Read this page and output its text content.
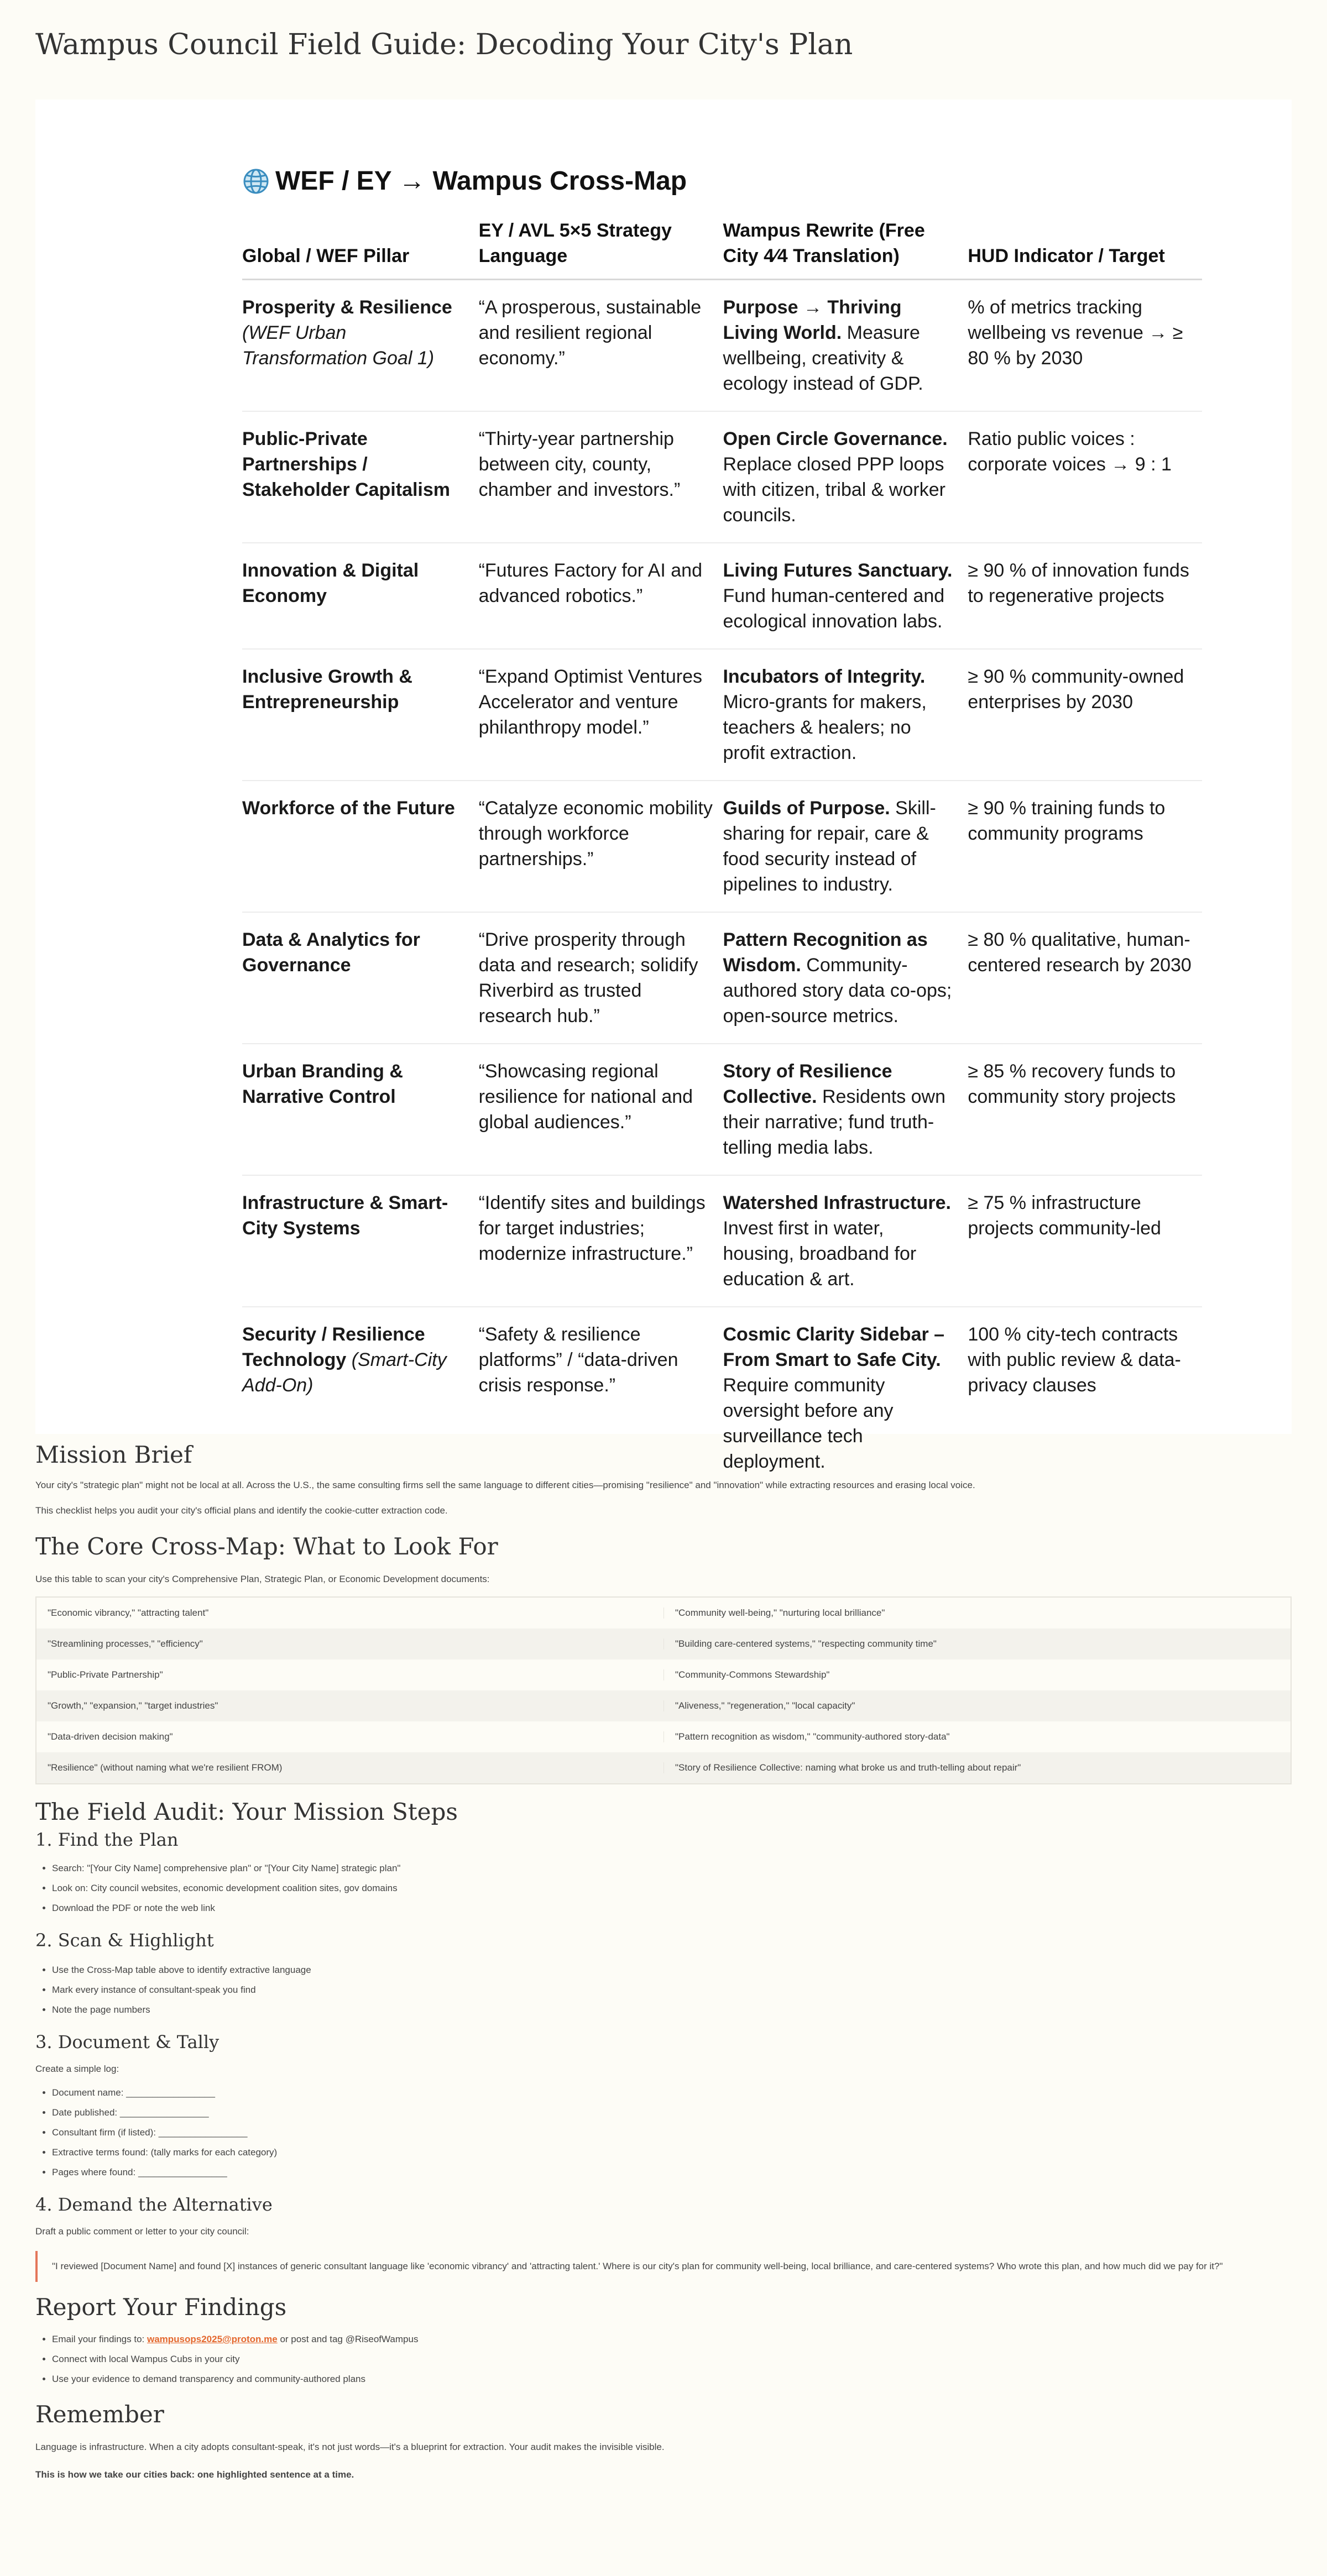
Wampus Council Field Guide: Decoding Your City's Plan
WEF / EY → Wampus Cross-Map
Global / WEF Pillar	EY / AVL 5×5 Strategy Language	Wampus Rewrite (Free City 4⁄4 Translation)	HUD Indicator / Target
Prosperity & Resilience (WEF Urban Transformation Goal 1)	“A prosperous, sustainable and resilient regional economy.”	Purpose → Thriving Living World. Measure wellbeing, creativity & ecology instead of GDP.	% of metrics tracking wellbeing vs revenue → ≥ 80 % by 2030
Public-Private Partnerships / Stakeholder Capitalism	“Thirty-year partnership between city, county, chamber and investors.”	Open Circle Governance. Replace closed PPP loops with citizen, tribal & worker councils.	Ratio public voices : corporate voices → 9 : 1
Innovation & Digital Economy	“Futures Factory for AI and advanced robotics.”	Living Futures Sanctuary. Fund human-centered and ecological innovation labs.	≥ 90 % of innovation funds to regenerative projects
Inclusive Growth & Entrepreneurship	“Expand Optimist Ventures Accelerator and venture philanthropy model.”	Incubators of Integrity. Micro-grants for makers, teachers & healers; no profit extraction.	≥ 90 % community-owned enterprises by 2030
Workforce of the Future	“Catalyze economic mobility through workforce partnerships.”	Guilds of Purpose. Skill-sharing for repair, care & food security instead of pipelines to industry.	≥ 90 % training funds to community programs
Data & Analytics for Governance	“Drive prosperity through data and research; solidify Riverbird as trusted research hub.”	Pattern Recognition as Wisdom. Community-authored story data co-ops; open-source metrics.	≥ 80 % qualitative, human-centered research by 2030
Urban Branding & Narrative Control	“Showcasing regional resilience for national and global audiences.”	Story of Resilience Collective. Residents own their narrative; fund truth-telling media labs.	≥ 85 % recovery funds to community story projects
Infrastructure & Smart-City Systems	“Identify sites and buildings for target industries; modernize infrastructure.”	Watershed Infrastructure. Invest first in water, housing, broadband for education & art.	≥ 75 % infrastructure projects community-led
Security / Resilience Technology (Smart-City Add-On)	“Safety & resilience platforms” / “data-driven crisis response.”	Cosmic Clarity Sidebar – From Smart to Safe City. Require community oversight before any surveillance tech deployment.	100 % city-tech contracts with public review & data-privacy clauses
Mission Brief

Your city's "strategic plan" might not be local at all. Across the U.S., the same consulting firms sell the same language to different cities—promising "resilience" and "innovation" while extracting resources and erasing local voice.

This checklist helps you audit your city's official plans and identify the cookie-cutter extraction code.

The Core Cross-Map: What to Look For

Use this table to scan your city's Comprehensive Plan, Strategic Plan, or Economic Development documents:

"Economic vibrancy," "attracting talent"	"Community well-being," "nurturing local brilliance"
"Streamlining processes," "efficiency"	"Building care-centered systems," "respecting community time"
"Public-Private Partnership"	"Community-Commons Stewardship"
"Growth," "expansion," "target industries"	"Aliveness," "regeneration," "local capacity"
"Data-driven decision making"	"Pattern recognition as wisdom," "community-authored story-data"
"Resilience" (without naming what we're resilient FROM)	"Story of Resilience Collective: naming what broke us and truth-telling about repair"
The Field Audit: Your Mission Steps
1. Find the Plan
• Search: "[Your City Name] comprehensive plan" or "[Your City Name] strategic plan"
• Look on: City council websites, economic development coalition sites, gov domains
• Download the PDF or note the web link
2. Scan & Highlight
• Use the Cross-Map table above to identify extractive language
• Mark every instance of consultant-speak you find
• Note the page numbers
3. Document & Tally

Create a simple log:

• Document name: _________________
• Date published: _________________
• Consultant firm (if listed): _________________
• Extractive terms found: (tally marks for each category)
• Pages where found: _________________
4. Demand the Alternative

Draft a public comment or letter to your city council:

"I reviewed [Document Name] and found [X] instances of generic consultant language like 'economic vibrancy' and 'attracting talent.' Where is our city's plan for community well-being, local brilliance, and care-centered systems? Who wrote this plan, and how much did we pay for it?"
Report Your Findings
• Email your findings to: wampusops2025@proton.me or post and tag @RiseofWampus
• Connect with local Wampus Cubs in your city
• Use your evidence to demand transparency and community-authored plans
Remember

Language is infrastructure. When a city adopts consultant-speak, it's not just words—it's a blueprint for extraction. Your audit makes the invisible visible.

This is how we take our cities back: one highlighted sentence at a time.
